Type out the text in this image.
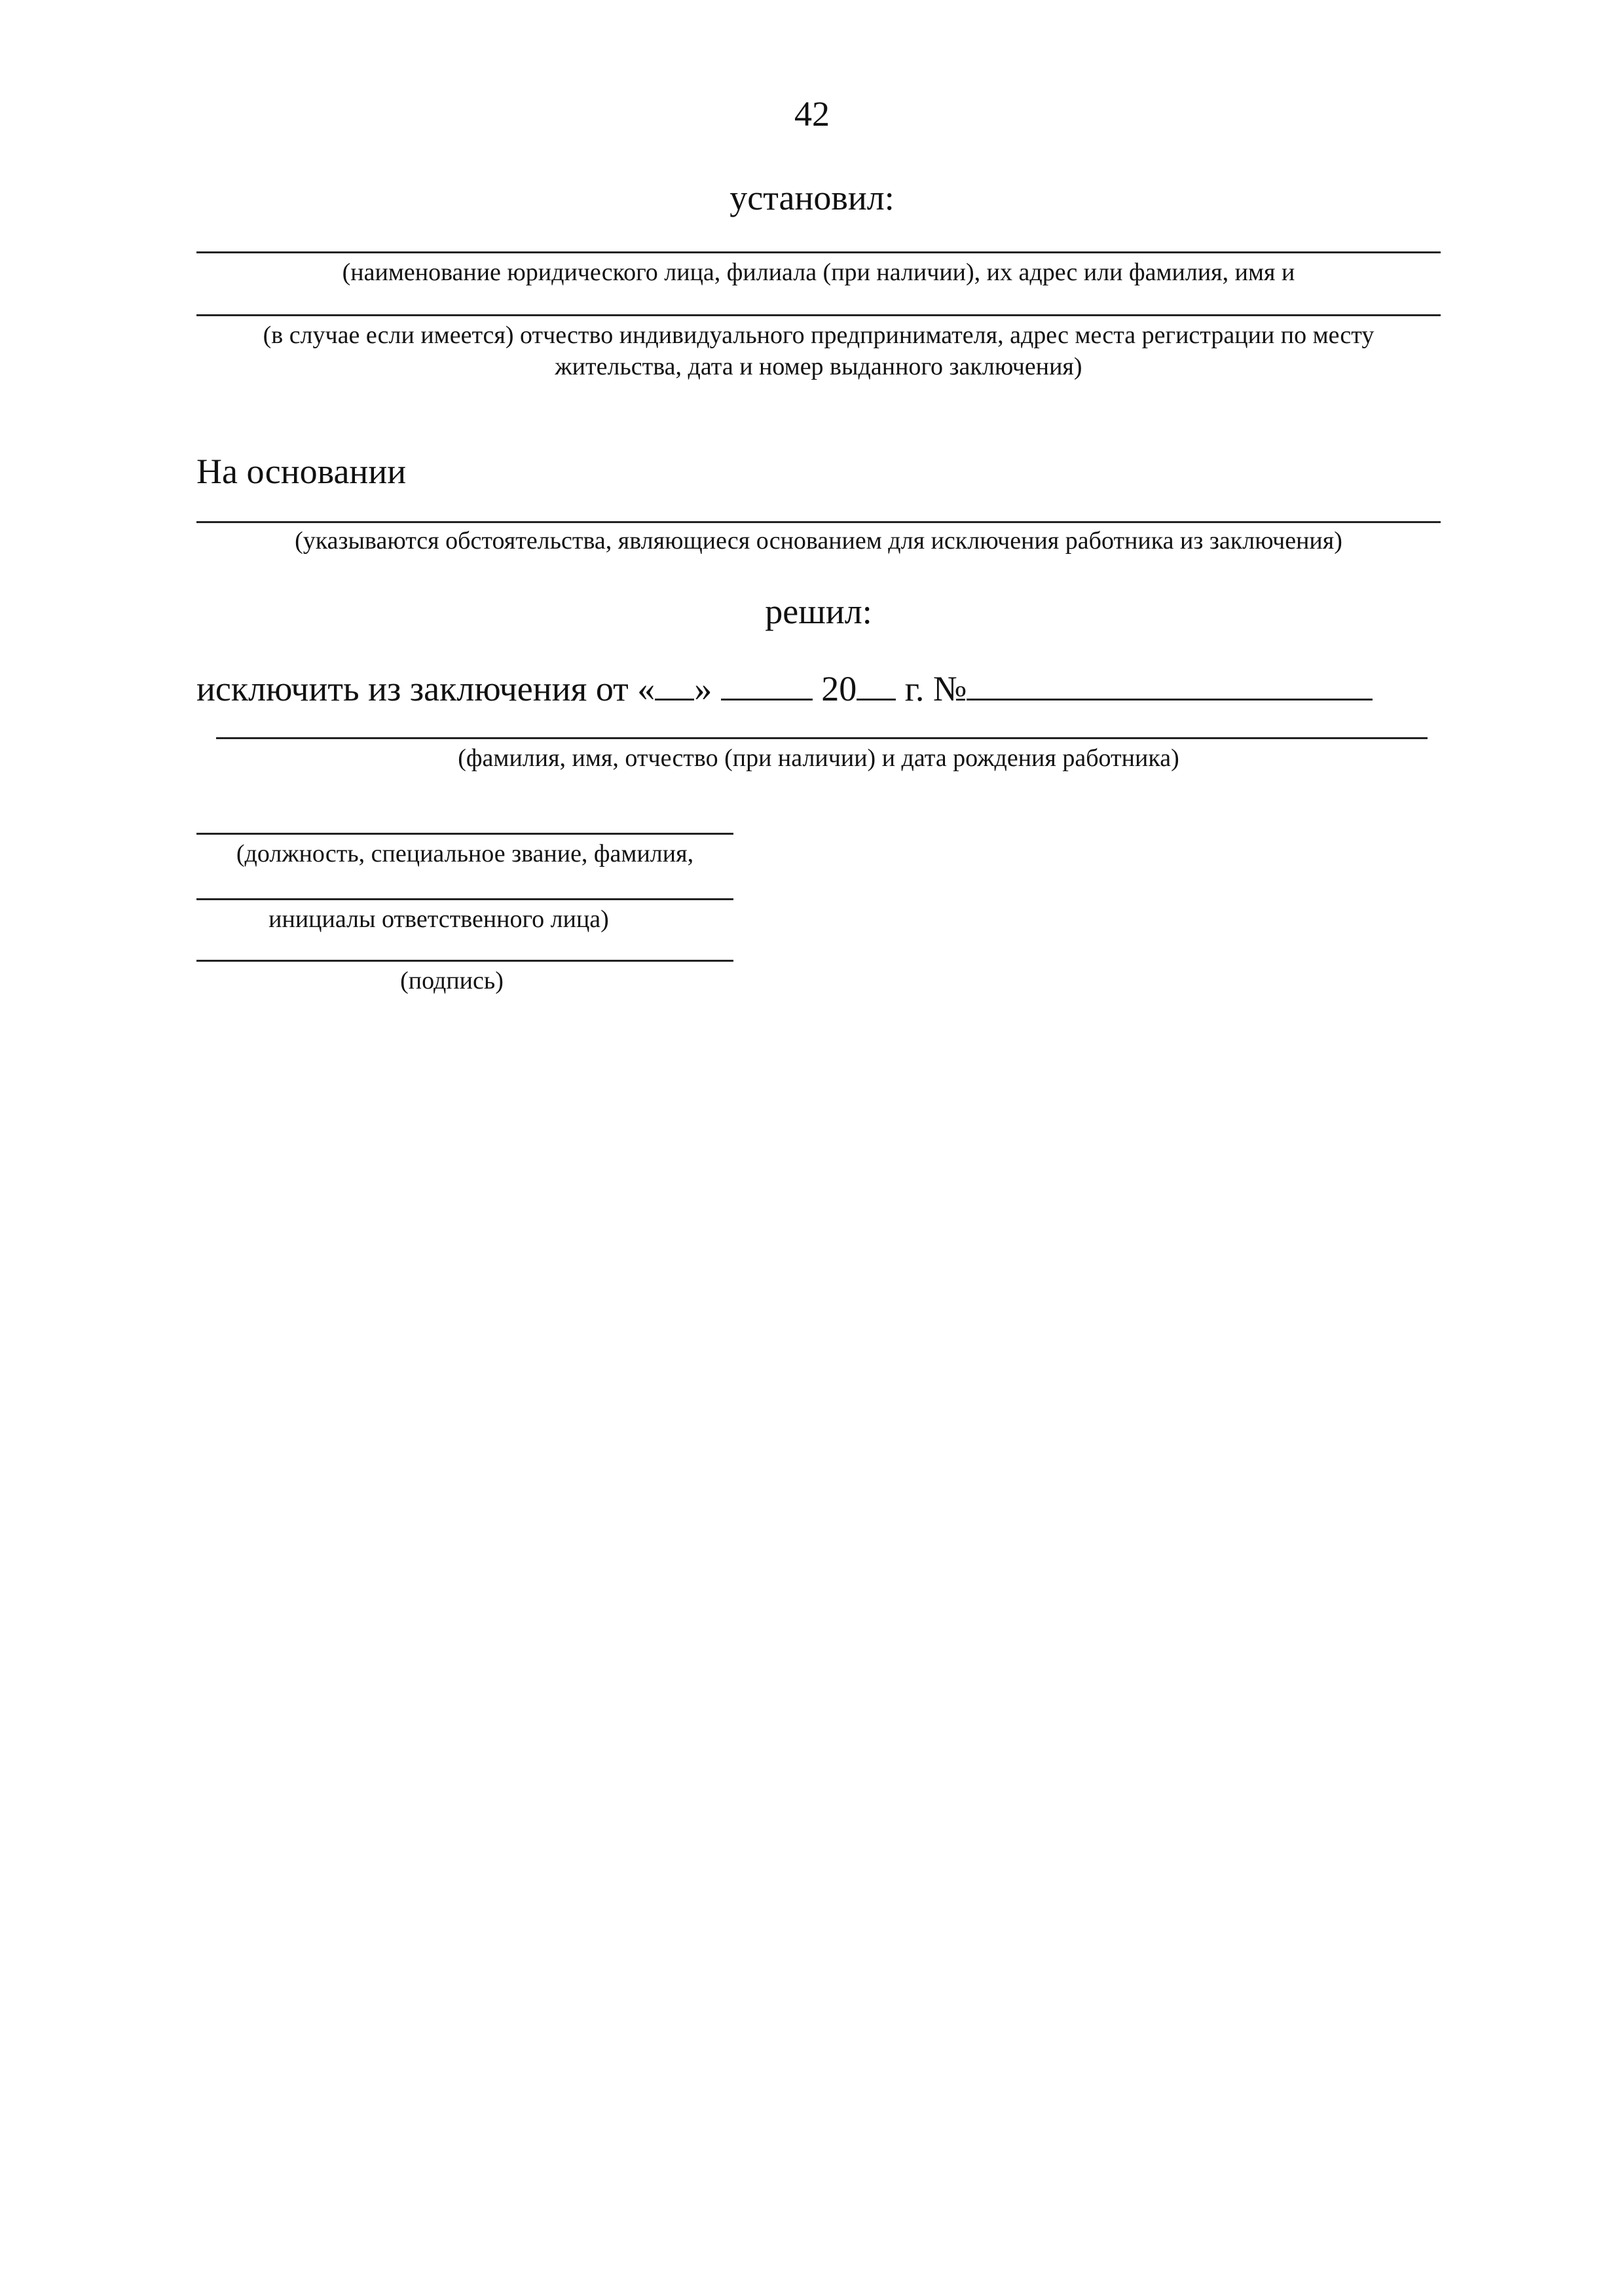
42
установил:
(наименование юридического лица, филиала (при наличии), их адрес или фамилия, имя и
(в случае если имеется) отчество индивидуального предпринимателя, адрес места регистрации по месту
жительства, дата и номер выданного заключения)
На основании
(указываются обстоятельства, являющиеся основанием для исключения работника из заключения)
решил:
исключить из заключения от « »	20 г. №
(фамилия, имя, отчество (при наличии) и дата рождения работника)
(должность, специальное звание, фамилия,
инициалы ответственного лица)
(подпись)
